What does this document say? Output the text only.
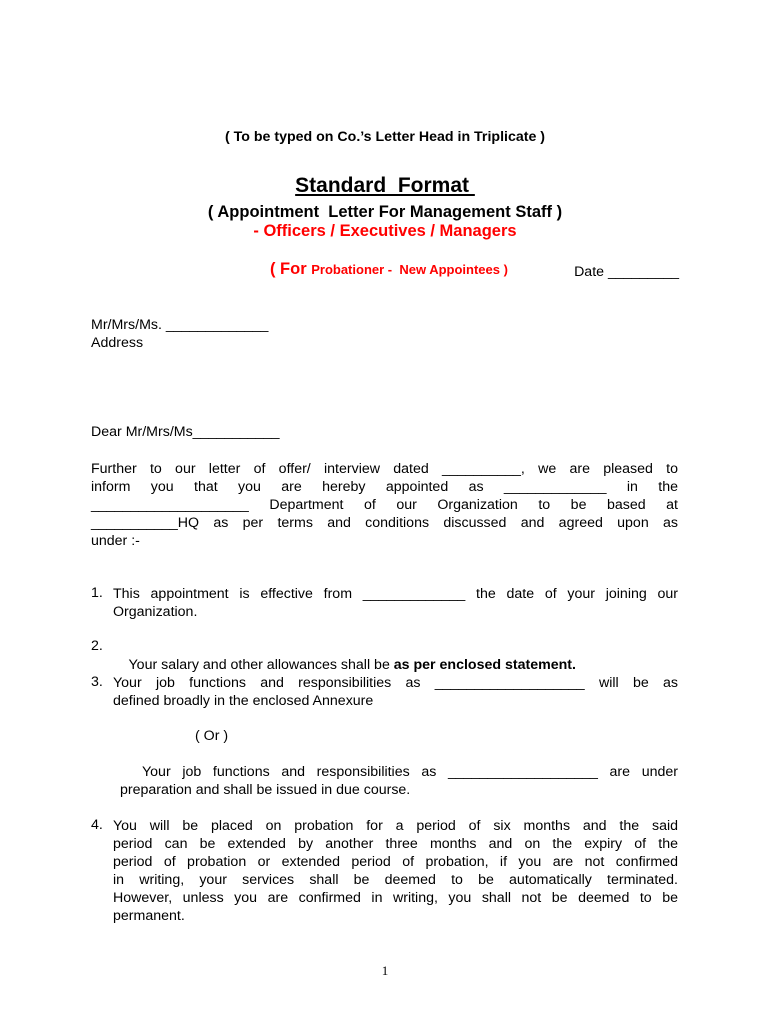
( To be typed on Co.’s Letter Head in Triplicate )
Standard  Format
( Appointment  Letter For Management Staff )
- Officers / Executives / Managers

( For Probationer -  New Appointees )	Date _________
Mr/Mrs/Ms. _____________
Address
Dear Mr/Mrs/Ms___________
Further to our letter of offer/ interview dated __________, we are pleased to
inform you that you are hereby appointed as _____________ in the
____________________ Department of our Organization to be based at
___________HQ as per terms and conditions discussed and agreed upon as
under :-
1. This appointment is effective from _____________ the date of your joining our
Organization.
2.

Your salary and other allowances shall be as per enclosed statement.

3. Your job functions and responsibilities as ___________________ will be as
defined broadly in the enclosed Annexure
( Or )
Your job functions and responsibilities as ___________________ are under
preparation and shall be issued in due course.
4. You will be placed on probation for a period of six months and the said
period can be extended by another three months and on the expiry of the
period of probation or extended period of probation, if you are not confirmed
in writing, your services shall be deemed to be automatically terminated.
However, unless you are confirmed in writing, you shall not be deemed to be
permanent.
1
